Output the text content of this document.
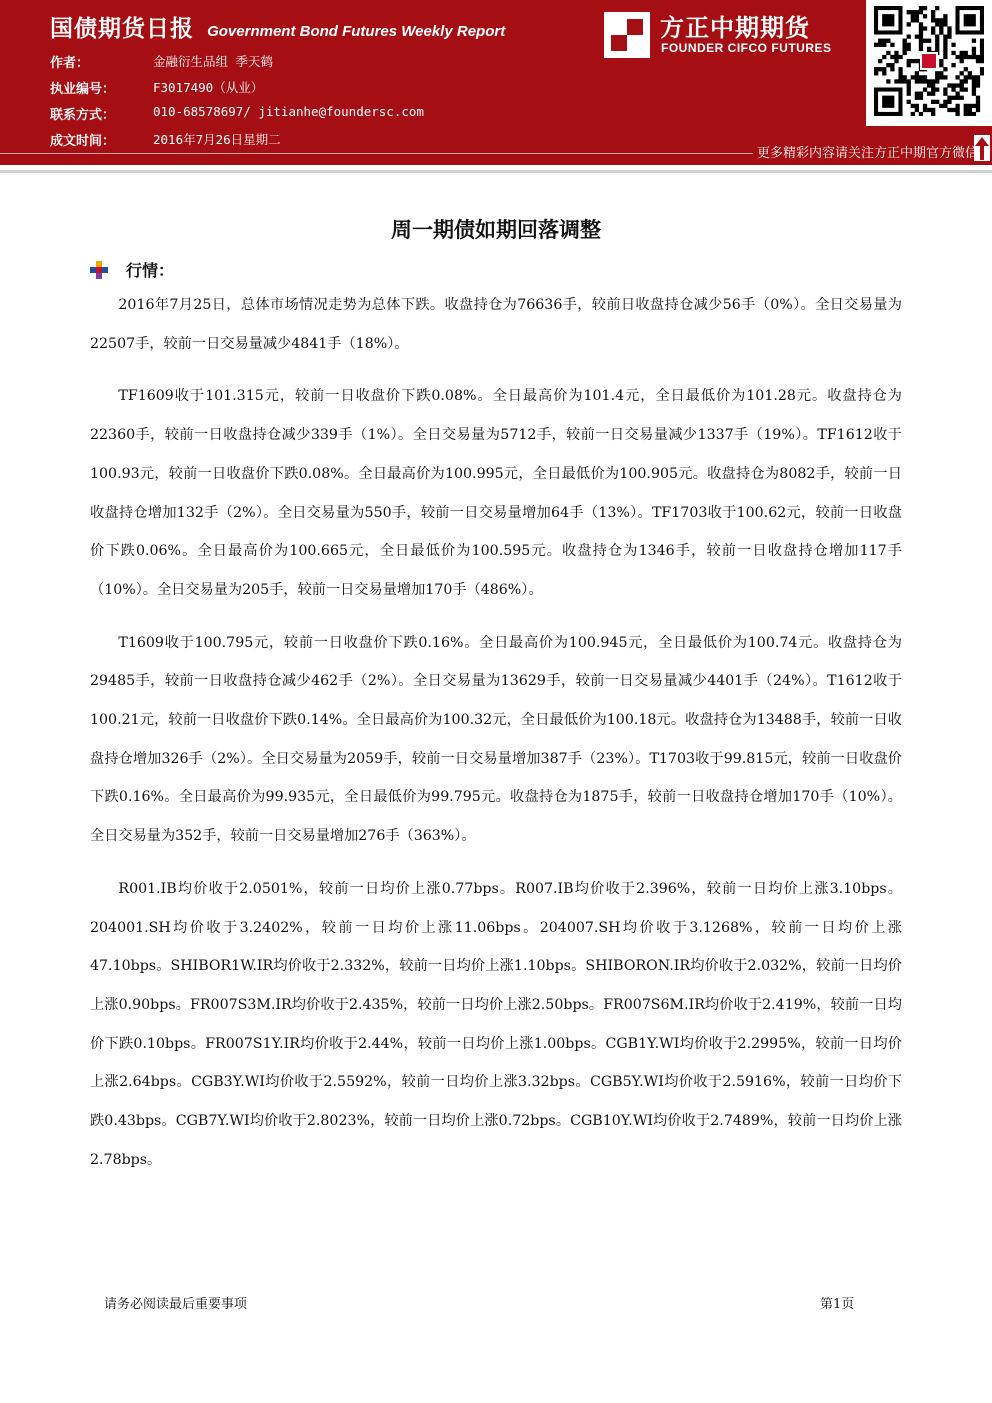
国债期货日报 Government Bond Futures Weekly Report
作者：	金融衍生品组 季天鹤
执业编号：	F3017490（从业）
联系方式：	010-68578697/ jitianhe@foundersc.com
成文时间：	2016年7月26日星期二
方正中期期货
FOUNDER CIFCO FUTURES
更多精彩内容请关注方正中期官方微信
周一期债如期回落调整
行情：

2016年7月25日，总体市场情况走势为总体下跌。收盘持仓为76636手，较前日收盘持仓减少56手（0%）。全日交易量为22507手，较前一日交易量减少4841手（18%）。

TF1609收于101.315元，较前一日收盘价下跌0.08%。全日最高价为101.4元，全日最低价为101.28元。收盘持仓为22360手，较前一日收盘持仓减少339手（1%）。全日交易量为5712手，较前一日交易量减少1337手（19%）。TF1612收于100.93元，较前一日收盘价下跌0.08%。全日最高价为100.995元，全日最低价为100.905元。收盘持仓为8082手，较前一日收盘持仓增加132手（2%）。全日交易量为550手，较前一日交易量增加64手（13%）。TF1703收于100.62元，较前一日收盘价下跌0.06%。全日最高价为100.665元，全日最低价为100.595元。收盘持仓为1346手，较前一日收盘持仓增加117手（10%）。全日交易量为205手，较前一日交易量增加170手（486%）。

T1609收于100.795元，较前一日收盘价下跌0.16%。全日最高价为100.945元，全日最低价为100.74元。收盘持仓为29485手，较前一日收盘持仓减少462手（2%）。全日交易量为13629手，较前一日交易量减少4401手（24%）。T1612收于100.21元，较前一日收盘价下跌0.14%。全日最高价为100.32元，全日最低价为100.18元。收盘持仓为13488手，较前一日收盘持仓增加326手（2%）。全日交易量为2059手，较前一日交易量增加387手（23%）。T1703收于99.815元，较前一日收盘价下跌0.16%。全日最高价为99.935元，全日最低价为99.795元。收盘持仓为1875手，较前一日收盘持仓增加170手（10%）。全日交易量为352手，较前一日交易量增加276手（363%）。

R001.IB均价收于2.0501%，较前一日均价上涨0.77bps。R007.IB均价收于2.396%，较前一日均价上涨3.10bps。204001.SH均价收于3.2402%，较前一日均价上涨11.06bps。204007.SH均价收于3.1268%，较前一日均价上涨47.10bps。SHIBOR1W.IR均价收于2.332%，较前一日均价上涨1.10bps。SHIBORON.IR均价收于2.032%，较前一日均价上涨0.90bps。FR007S3M.IR均价收于2.435%，较前一日均价上涨2.50bps。FR007S6M.IR均价收于2.419%，较前一日均价下跌0.10bps。FR007S1Y.IR均价收于2.44%，较前一日均价上涨1.00bps。CGB1Y.WI均价收于2.2995%，较前一日均价上涨2.64bps。CGB3Y.WI均价收于2.5592%，较前一日均价上涨3.32bps。CGB5Y.WI均价收于2.5916%，较前一日均价下跌0.43bps。CGB7Y.WI均价收于2.8023%，较前一日均价上涨0.72bps。CGB10Y.WI均价收于2.7489%，较前一日均价上涨2.78bps。

请务必阅读最后重要事项	第1页
